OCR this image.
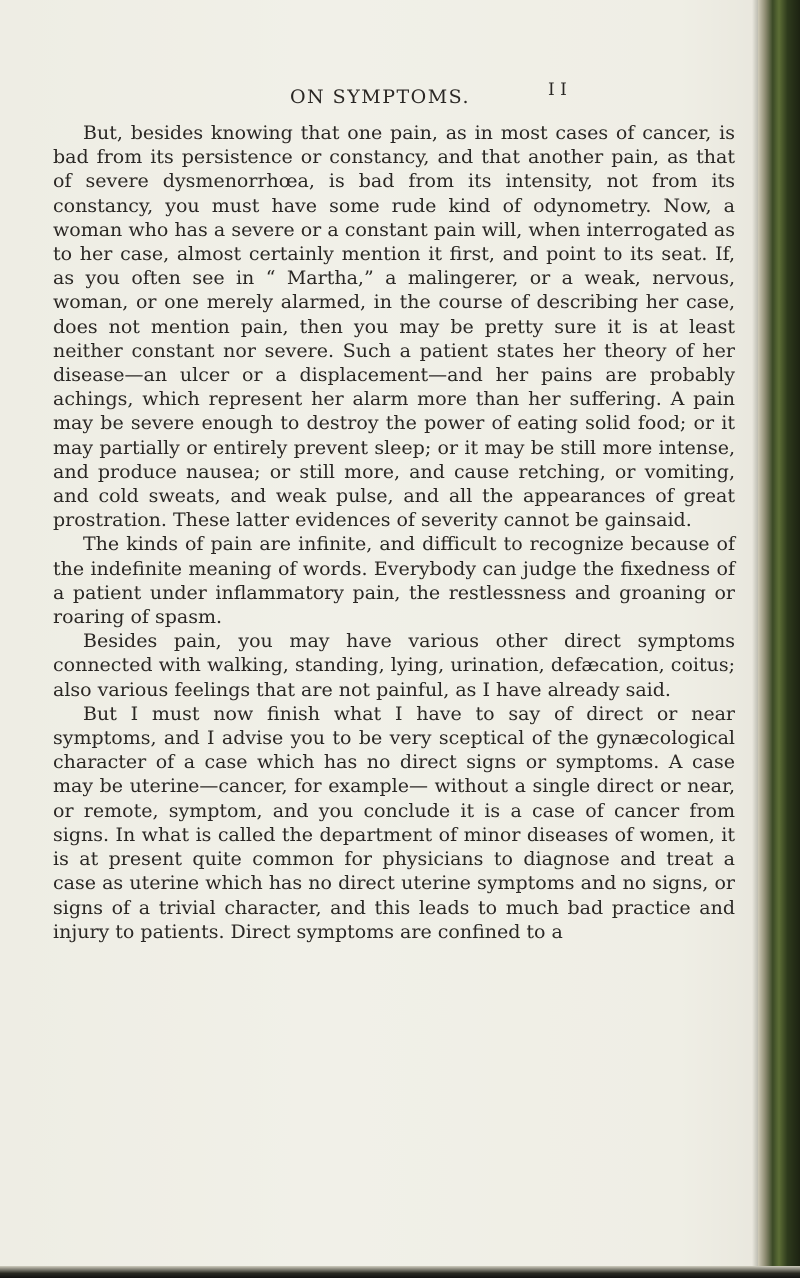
ON SYMPTOMS.	I I

But, besides knowing that one pain, as in most cases of cancer, is bad from its persistence or constancy, and that another pain, as that of severe dysmenorrhœa, is bad from its intensity, not from its constancy, you must have some rude kind of odynometry. Now, a woman who has a severe or a constant pain will, when interrogated as to her case, almost certainly mention it first, and point to its seat. If, as you often see in “ Martha,” a malingerer, or a weak, nervous, woman, or one merely alarmed, in the course of describing her case, does not mention pain, then you may be pretty sure it is at least neither constant nor severe. Such a patient states her theory of her disease—an ulcer or a displacement—and her pains are probably achings, which represent her alarm more than her suffering. A pain may be severe enough to destroy the power of eating solid food; or it may partially or entirely prevent sleep; or it may be still more intense, and produce nausea; or still more, and cause retching, or vomiting, and cold sweats, and weak pulse, and all the appearances of great prostration. These latter evidences of severity cannot be gainsaid.

The kinds of pain are infinite, and difficult to recognize because of the indefinite meaning of words. Everybody can judge the fixedness of a patient under inflammatory pain, the restlessness and groaning or roaring of spasm.

Besides pain, you may have various other direct symptoms connected with walking, standing, lying, urination, defæcation, coitus; also various feelings that are not painful, as I have already said.

But I must now finish what I have to say of direct or near symptoms, and I advise you to be very sceptical of the gynæcological character of a case which has no direct signs or symptoms. A case may be uterine—cancer, for example— without a single direct or near, or remote, symptom, and you conclude it is a case of cancer from signs. In what is called the department of minor diseases of women, it is at present quite common for physicians to diagnose and treat a case as uterine which has no direct uterine symptoms and no signs, or signs of a trivial character, and this leads to much bad practice and injury to patients. Direct symptoms are confined to a
